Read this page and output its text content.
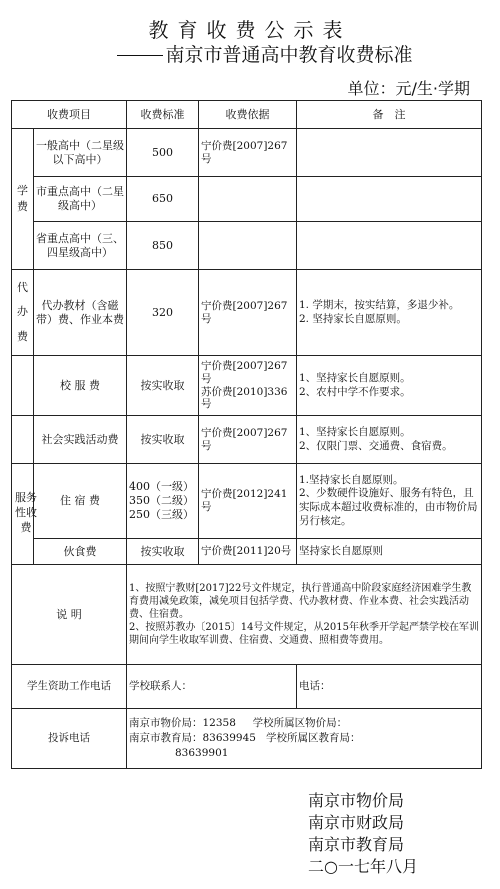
教育收费公示表
南京市普通高中教育收费标准
单位：元/生·学期
收费项目		收费标准	收费依据	备　注
学费	一般高中（二星级以下高中）	500	宁价费[2007]267号	
	市重点高中（二星级高中）	650		
	省重点高中（三、四星级高中）	850		
代办费	代办教材（含磁带）费、作业本费	320	宁价费[2007]267号	1. 学期末，按实结算，多退少补。
2. 坚持家长自愿原则。
	校 服 费	按实收取	宁价费[2007]267号
苏价费[2010]336号	1、坚持家长自愿原则。
2、农村中学不作要求。
	社会实践活动费	按实收取	宁价费[2007]267号	1、坚持家长自愿原则。
2、仅限门票、交通费、食宿费。
服务性收费	住 宿 费	400（一级）
350（二级）
250（三级）	宁价费[2012]241号	1.坚持家长自愿原则。
2、少数硬件设施好、服务有特色，且实际成本超过收费标准的，由市物价局另行核定。
	伙食费	按实收取	宁价费[2011]20号	坚持家长自愿原则
说 明		1、按照宁教财[2017]22号文件规定，执行普通高中阶段家庭经济困难学生教育费用减免政策，减免项目包括学费、代办教材费、作业本费、社会实践活动费、住宿费。
2、按照苏教办〔2015〕14号文件规定，从2015年秋季开学起严禁学校在军训期间向学生收取军训费、住宿费、交通费、照相费等费用。		
学生资助工作电话		学校联系人：		电话：
投诉电话		南京市物价局：12358 学校所属区物价局：
南京市教育局：83639945 学校所属区教育局：
83639901		
南京市物价局
南京市财政局
南京市教育局
二○一七年八月
